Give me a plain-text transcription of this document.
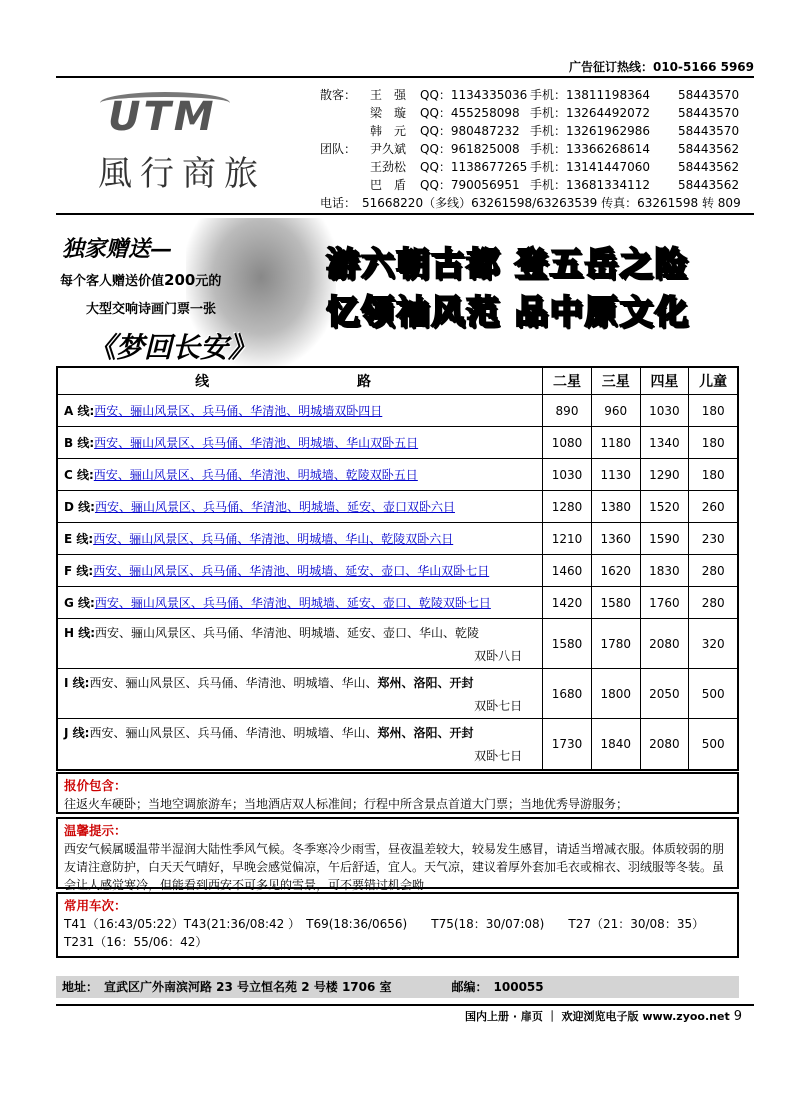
广告征订热线：010-5166 5969
UTM
風行商旅
散客： 王　强 QQ：1134335036 手机：13811198364 58443570
梁　璇 QQ：455258098 手机：13264492072 58443570
韩　元 QQ：980487232 手机：13261962986 58443570
团队： 尹久斌 QQ：961825008 手机：13366268614 58443562
王劲松 QQ：1138677265 手机：13141447060 58443562
巴　盾 QQ：790056951 手机：13681334112 58443562
电话：　51668220（多线）63261598/63263539 传真：63261598 转 809
独家赠送—
每个客人赠送价值200元的
大型交响诗画门票一张
《梦回长安》
游六朝古都 登五岳之险
忆领袖风范 品中原文化
线　　路	二星	三星	四星	儿童
A 线: 西安、骊山风景区、兵马俑、华清池、明城墙双卧四日	890	960	1030	180
B 线: 西安、骊山风景区、兵马俑、华清池、明城墙、华山双卧五日	1080	1180	1340	180
C 线: 西安、骊山风景区、兵马俑、华清池、明城墙、乾陵双卧五日	1030	1130	1290	180
D 线: 西安、骊山风景区、兵马俑、华清池、明城墙、延安、壶口双卧六日	1280	1380	1520	260
E 线: 西安、骊山风景区、兵马俑、华清池、明城墙、华山、乾陵双卧六日	1210	1360	1590	230
F 线: 西安、骊山风景区、兵马俑、华清池、明城墙、延安、壶口、华山双卧七日	1460	1620	1830	280
G 线: 西安、骊山风景区、兵马俑、华清池、明城墙、延安、壶口、乾陵双卧七日	1420	1580	1760	280
H 线:西安、骊山风景区、兵马俑、华清池、明城墙、延安、壶口、华山、乾陵
双卧八日
1580	1780	2080	320
I 线:西安、骊山风景区、兵马俑、华清池、明城墙、华山、郑州、洛阳、开封
双卧七日
1680	1800	2050	500
J 线:西安、骊山风景区、兵马俑、华清池、明城墙、华山、郑州、洛阳、开封
双卧七日
1730	1840	2080	500
报价包含：
往返火车硬卧；当地空调旅游车；当地酒店双人标准间；行程中所含景点首道大门票；当地优秀导游服务；
温馨提示：
西安气候属暖温带半湿润大陆性季风气候。冬季寒冷少雨雪，昼夜温差较大，较易发生感冒，请适当增减衣服。体质较弱的朋友请注意防护，白天天气晴好，早晚会感觉偏凉，午后舒适，宜人。天气凉，建议着厚外套加毛衣或棉衣、羽绒服等冬装。虽会让人感觉寒冷，但能看到西安不可多见的雪景，可不要错过机会呦
常用车次：
T41（16:43/05:22）T43(21:36/08:42 ）　T69(18:36/0656)　　T75(18：30/07:08)　　T27（21：30/08：35）　T231（16：55/06：42）
地址：　宣武区广外南滨河路 23 号立恒名苑 2 号楼 1706 室	邮编：　100055
国内上册 · 扉页 ｜ 欢迎浏览电子版 www.zyoo.net 9
